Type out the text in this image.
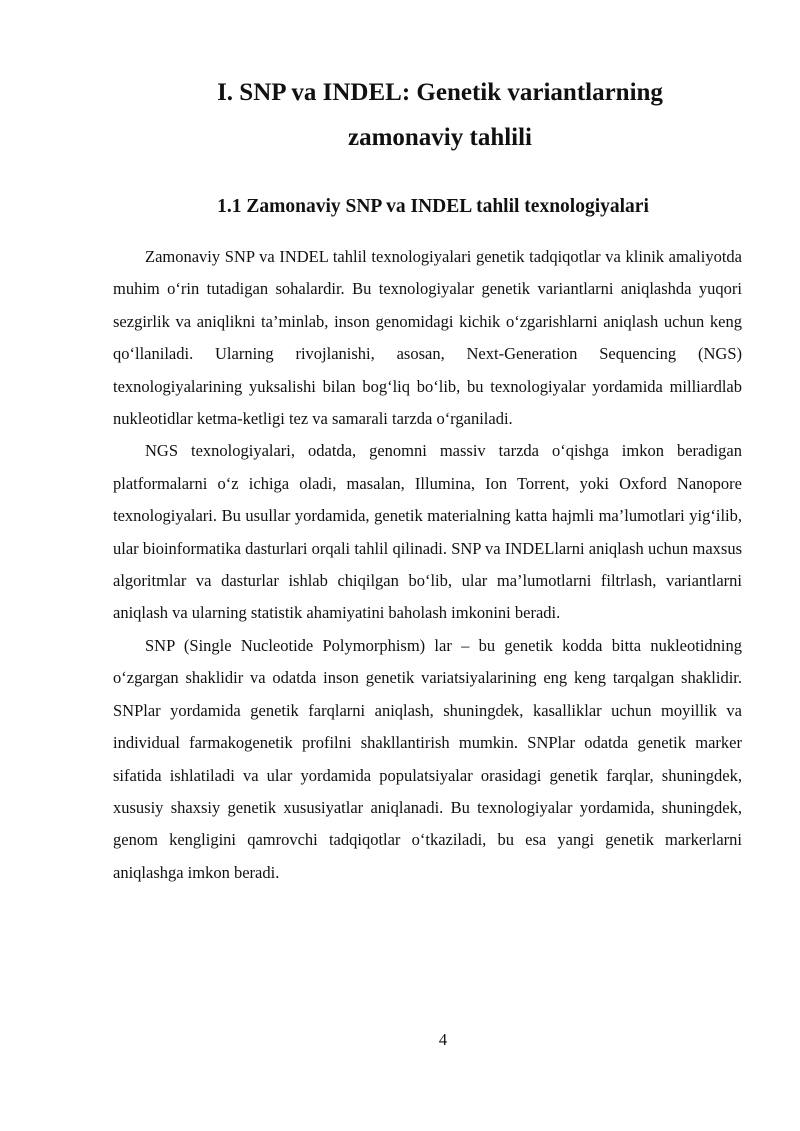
I. SNP va INDEL: Genetik variantlarning
zamonaviy tahlili
1.1 Zamonaviy SNP va INDEL tahlil texnologiyalari

Zamonaviy SNP va INDEL tahlil texnologiyalari genetik tadqiqotlar va klinik amaliyotda muhim o‘rin tutadigan sohalardir. Bu texnologiyalar genetik variantlarni aniqlashda yuqori sezgirlik va aniqlikni ta’minlab, inson genomidagi kichik o‘zgarishlarni aniqlash uchun keng qo‘llaniladi. Ularning rivojlanishi, asosan, Next-Generation Sequencing (NGS) texnologiyalarining yuksalishi bilan bog‘liq bo‘lib, bu texnologiyalar yordamida milliardlab nukleotidlar ketma-ketligi tez va samarali tarzda o‘rganiladi.

NGS texnologiyalari, odatda, genomni massiv tarzda o‘qishga imkon beradigan platformalarni o‘z ichiga oladi, masalan, Illumina, Ion Torrent, yoki Oxford Nanopore texnologiyalari. Bu usullar yordamida, genetik materialning katta hajmli ma’lumotlari yig‘ilib, ular bioinformatika dasturlari orqali tahlil qilinadi. SNP va INDELlarni aniqlash uchun maxsus algoritmlar va dasturlar ishlab chiqilgan bo‘lib, ular ma’lumotlarni filtrlash, variantlarni aniqlash va ularning statistik ahamiyatini baholash imkonini beradi.

SNP (Single Nucleotide Polymorphism) lar – bu genetik kodda bitta nukleotidning o‘zgargan shaklidir va odatda inson genetik variatsiyalarining eng keng tarqalgan shaklidir. SNPlar yordamida genetik farqlarni aniqlash, shuningdek, kasalliklar uchun moyillik va individual farmakogenetik profilni shakllantirish mumkin. SNPlar odatda genetik marker sifatida ishlatiladi va ular yordamida populatsiyalar orasidagi genetik farqlar, shuningdek, xususiy shaxsiy genetik xususiyatlar aniqlanadi. Bu texnologiyalar yordamida, shuningdek, genom kengligini qamrovchi tadqiqotlar o‘tkaziladi, bu esa yangi genetik markerlarni aniqlashga imkon beradi.

4
